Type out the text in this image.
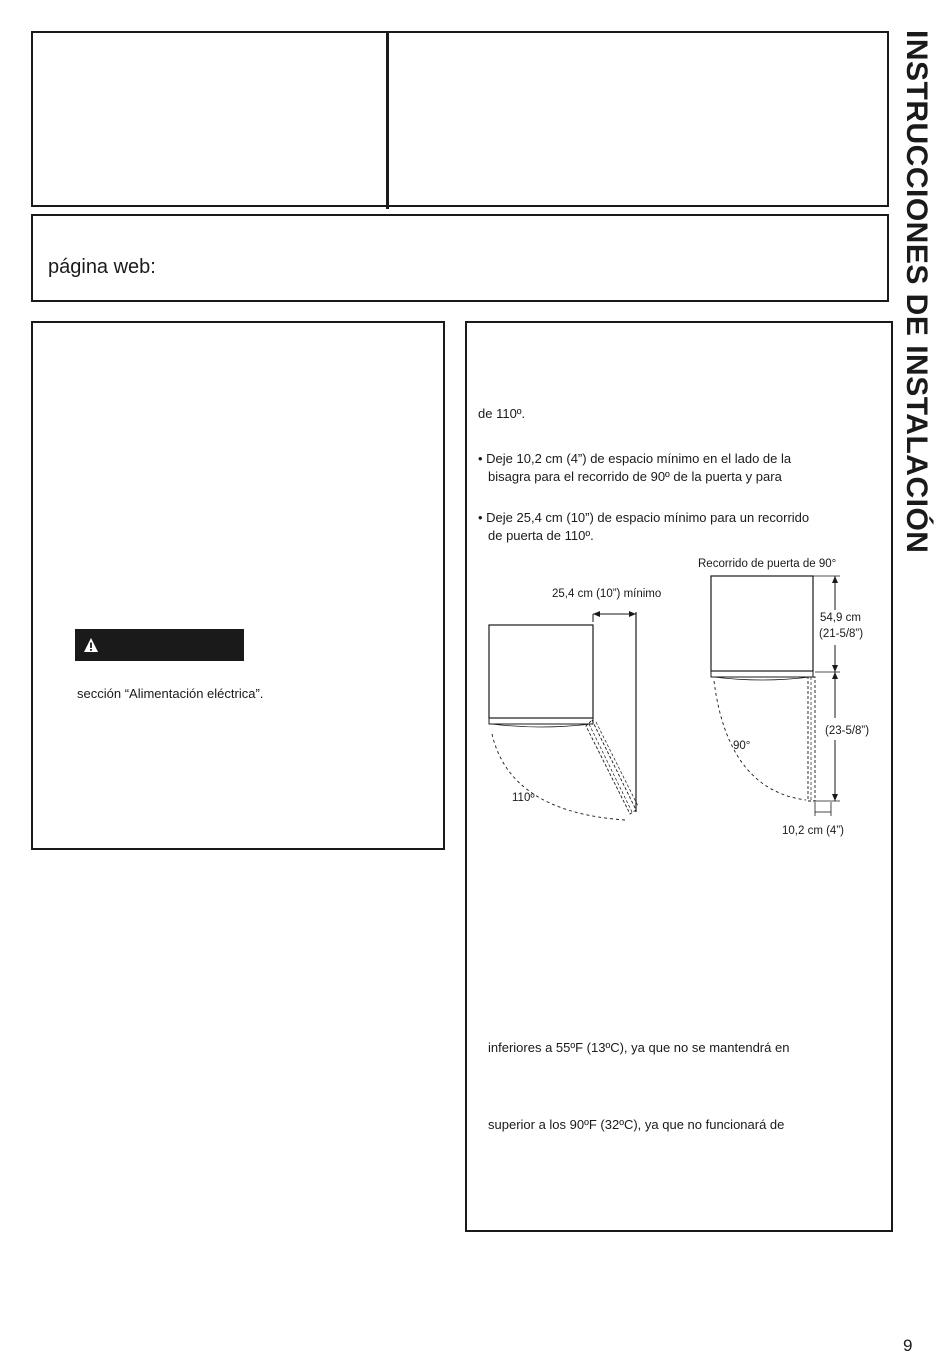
página web:
sección “Alimentación eléctrica”.
de 110º.
• Deje 10,2 cm (4”) de espacio mínimo en el lado de la
bisagra para el recorrido de 90º de la puerta y para
• Deje 25,4 cm (10”) de espacio mínimo para un recorrido
de puerta de 110º.
25,4 cm (10”) mínimo
110º
Recorrido de puerta de 90°
54,9 cm
(21-5/8”)
(23-5/8”)
90°
10,2 cm (4”)
inferiores a 55ºF (13ºC), ya que no se mantendrá en
superior a los 90ºF (32ºC), ya que no funcionará de
INSTRUCCIONES DE INSTALACIÓN
9
